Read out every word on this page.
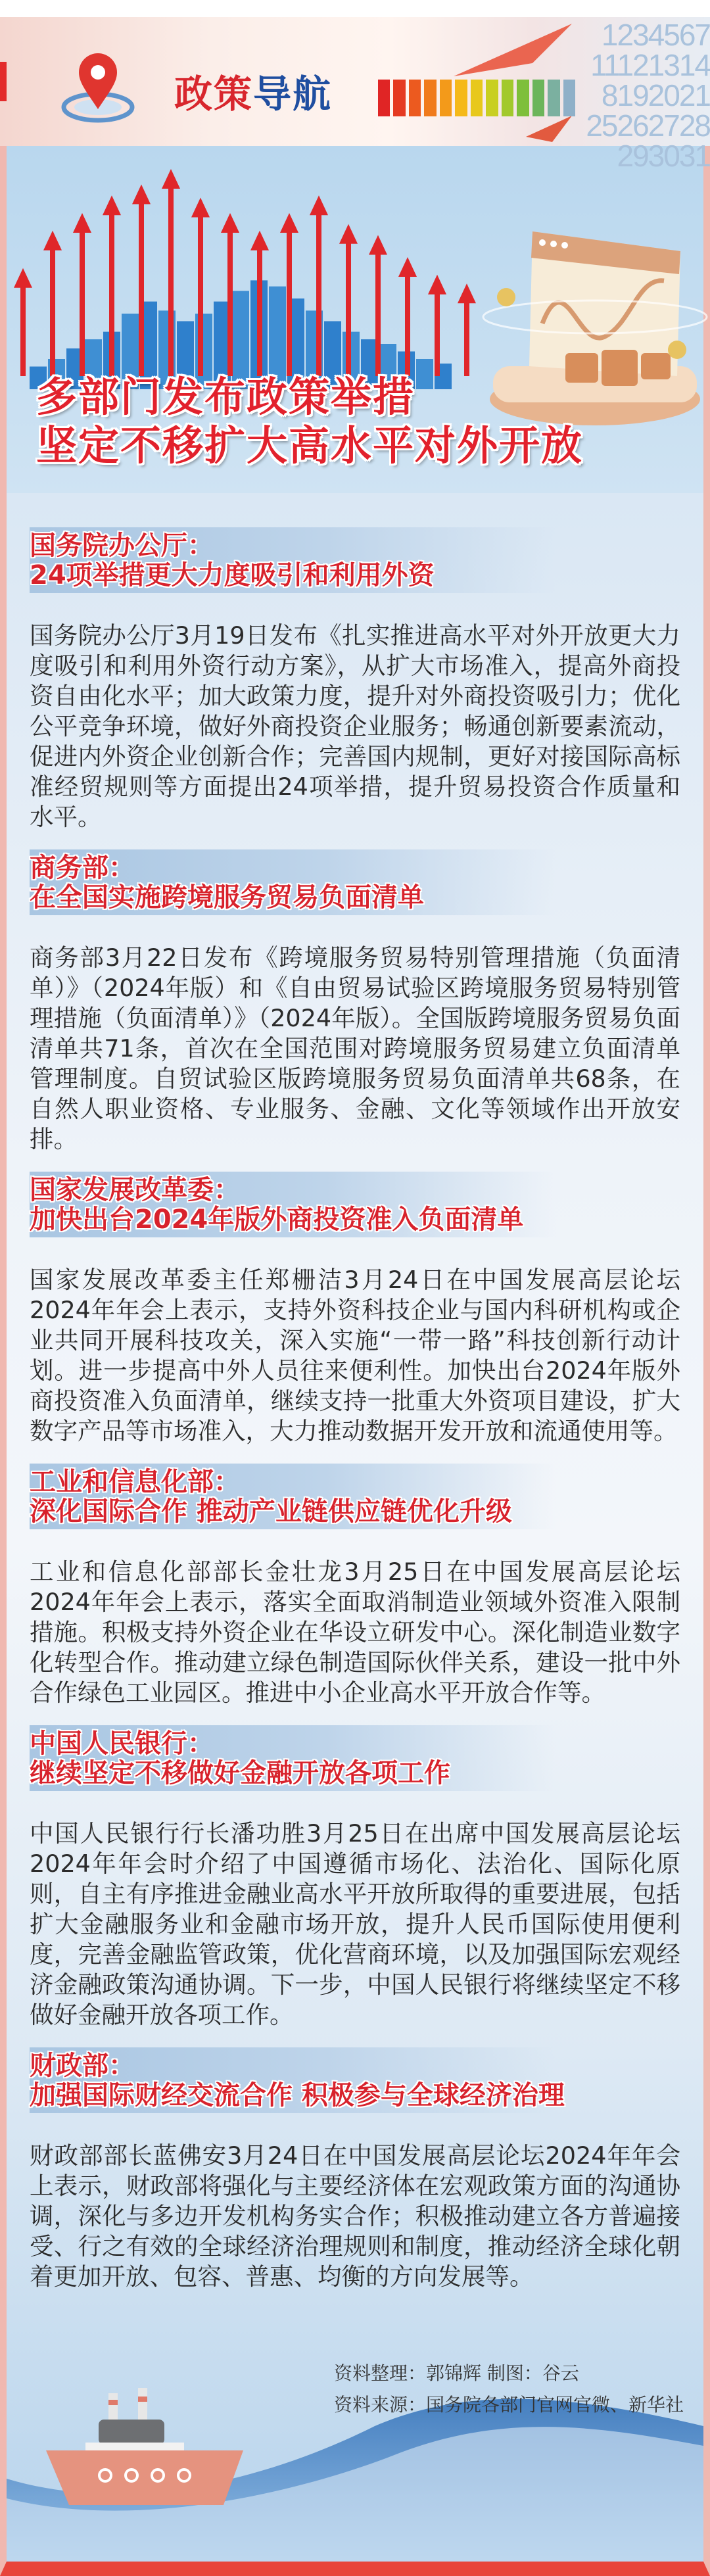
1234567
11121314
8192021
25262728
293031
政策导航
多部门发布政策举措
坚定不移扩大高水平对外开放
国务院办公厅：
24项举措更大力度吸引和利用外资

国务院办公厅3月19日发布《扎实推进高水平对外开放更大力度吸引和利用外资行动方案》，从扩大市场准入，提高外商投资自由化水平；加大政策力度，提升对外商投资吸引力；优化公平竞争环境，做好外商投资企业服务；畅通创新要素流动，促进内外资企业创新合作；完善国内规制，更好对接国际高标准经贸规则等方面提出24项举措，提升贸易投资合作质量和水平。

商务部：
在全国实施跨境服务贸易负面清单

商务部3月22日发布《跨境服务贸易特别管理措施（负面清单）》（2024年版）和《自由贸易试验区跨境服务贸易特别管理措施（负面清单）》（2024年版）。全国版跨境服务贸易负面清单共71条，首次在全国范围对跨境服务贸易建立负面清单管理制度。自贸试验区版跨境服务贸易负面清单共68条，在自然人职业资格、专业服务、金融、文化等领域作出开放安排。

国家发展改革委：
加快出台2024年版外商投资准入负面清单

国家发展改革委主任郑栅洁3月24日在中国发展高层论坛2024年年会上表示，支持外资科技企业与国内科研机构或企业共同开展科技攻关，深入实施“一带一路”科技创新行动计划。进一步提高中外人员往来便利性。加快出台2024年版外商投资准入负面清单，继续支持一批重大外资项目建设，扩大数字产品等市场准入，大力推动数据开发开放和流通使用等。

工业和信息化部：
深化国际合作 推动产业链供应链优化升级

工业和信息化部部长金壮龙3月25日在中国发展高层论坛2024年年会上表示，落实全面取消制造业领域外资准入限制措施。积极支持外资企业在华设立研发中心。深化制造业数字化转型合作。推动建立绿色制造国际伙伴关系，建设一批中外合作绿色工业园区。推进中小企业高水平开放合作等。

中国人民银行：
继续坚定不移做好金融开放各项工作

中国人民银行行长潘功胜3月25日在出席中国发展高层论坛2024年年会时介绍了中国遵循市场化、法治化、国际化原则，自主有序推进金融业高水平开放所取得的重要进展，包括扩大金融服务业和金融市场开放，提升人民币国际使用便利度，完善金融监管政策，优化营商环境，以及加强国际宏观经济金融政策沟通协调。下一步，中国人民银行将继续坚定不移做好金融开放各项工作。

财政部：
加强国际财经交流合作 积极参与全球经济治理

财政部部长蓝佛安3月24日在中国发展高层论坛2024年年会上表示，财政部将强化与主要经济体在宏观政策方面的沟通协调，深化与多边开发机构务实合作；积极推动建立各方普遍接受、行之有效的全球经济治理规则和制度，推动经济全球化朝着更加开放、包容、普惠、均衡的方向发展等。

资料整理：郭锦辉 制图：谷云
资料来源：国务院各部门官网官微、新华社
